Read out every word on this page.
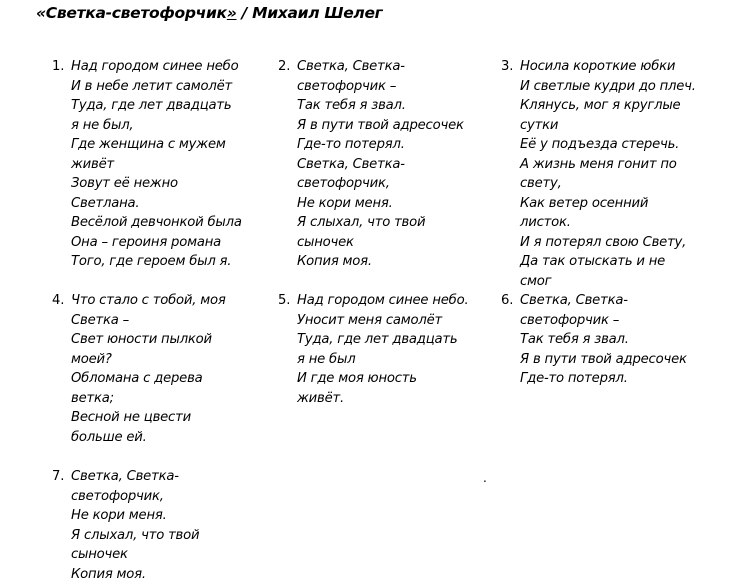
«Светка-светофорчик» / Михаил Шелег
1. Над городом синее небо
И в небе летит самолёт
Туда, где лет двадцать
я не был,
Где женщина с мужем
живёт
Зовут её нежно
Светлана.
Весёлой девчонкой была
Она – героиня романа
Того, где героем был я.
2. Светка, Светка-
светофорчик –
Так тебя я звал.
Я в пути твой адресочек
Где-то потерял.
Светка, Светка-
светофорчик,
Не кори меня.
Я слыхал, что твой
сыночек
Копия моя.
3. Носила короткие юбки
И светлые кудри до плеч.
Клянусь, мог я круглые
сутки
Её у подъезда стеречь.
А жизнь меня гонит по
свету,
Как ветер осенний
листок.
И я потерял свою Свету,
Да так отыскать и не
смог
4. Что стало с тобой, моя
Светка –
Свет юности пылкой
моей?
Обломана с дерева
ветка;
Весной не цвести
больше ей.
5. Над городом синее небо.
Уносит меня самолёт
Туда, где лет двадцать
я не был
И где моя юность
живёт.
6. Светка, Светка-
светофорчик –
Так тебя я звал.
Я в пути твой адресочек
Где-то потерял.
7. Светка, Светка-
светофорчик,
Не кори меня.
Я слыхал, что твой
сыночек
Копия моя.
.
